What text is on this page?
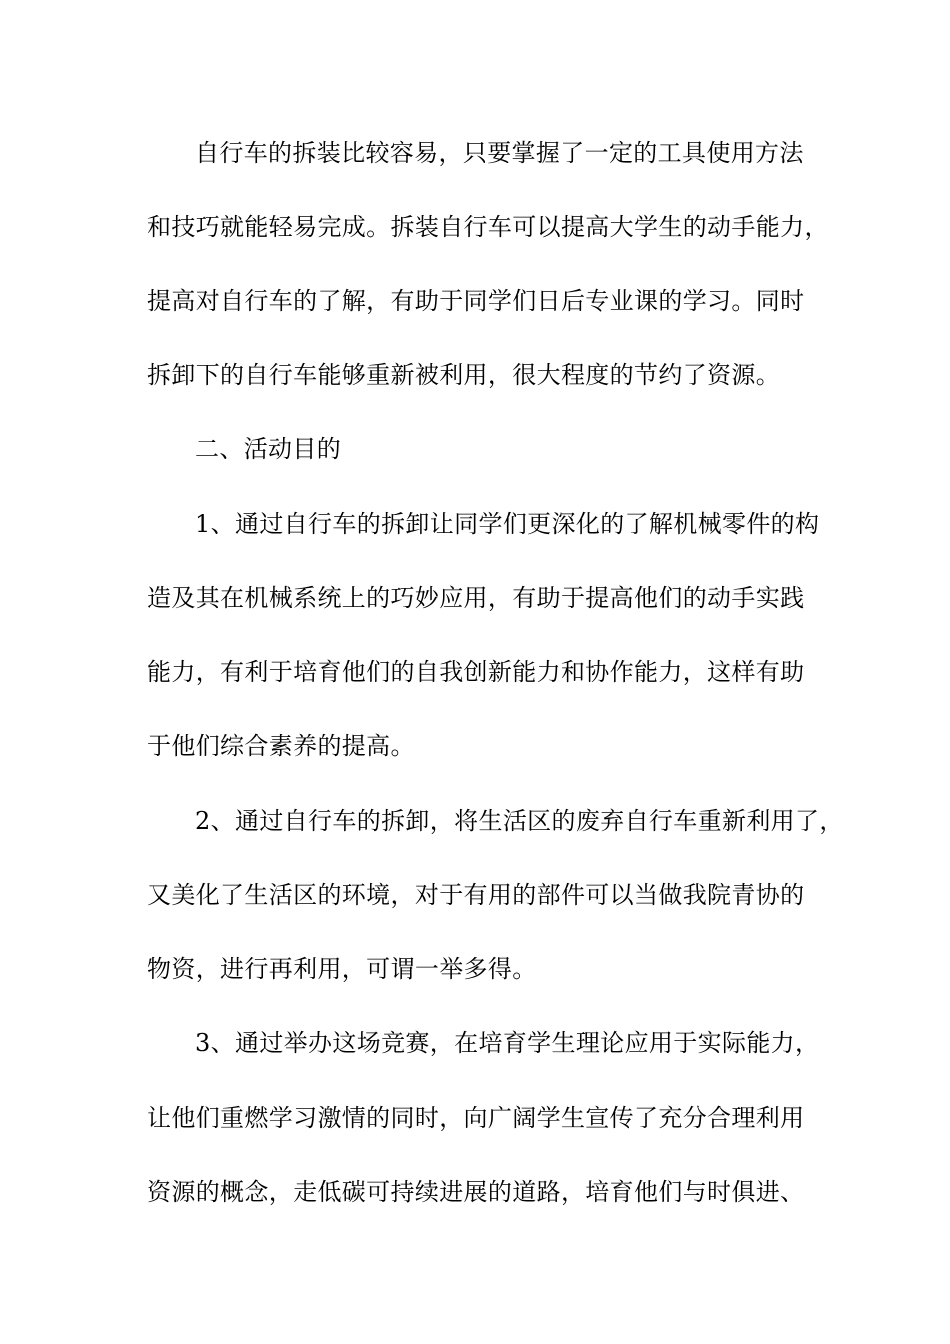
自行车的拆装比较容易，只要掌握了一定的工具使用方法
和技巧就能轻易完成。拆装自行车可以提高大学生的动手能力，
提高对自行车的了解，有助于同学们日后专业课的学习。同时
拆卸下的自行车能够重新被利用，很大程度的节约了资源。
二、活动目的
1、通过自行车的拆卸让同学们更深化的了解机械零件的构
造及其在机械系统上的巧妙应用，有助于提高他们的动手实践
能力，有利于培育他们的自我创新能力和协作能力，这样有助
于他们综合素养的提高。
2、通过自行车的拆卸，将生活区的废弃自行车重新利用了，
又美化了生活区的环境，对于有用的部件可以当做我院青协的
物资，进行再利用，可谓一举多得。
3、通过举办这场竞赛，在培育学生理论应用于实际能力，
让他们重燃学习激情的同时，向广阔学生宣传了充分合理利用
资源的概念，走低碳可持续进展的道路，培育他们与时俱进、
